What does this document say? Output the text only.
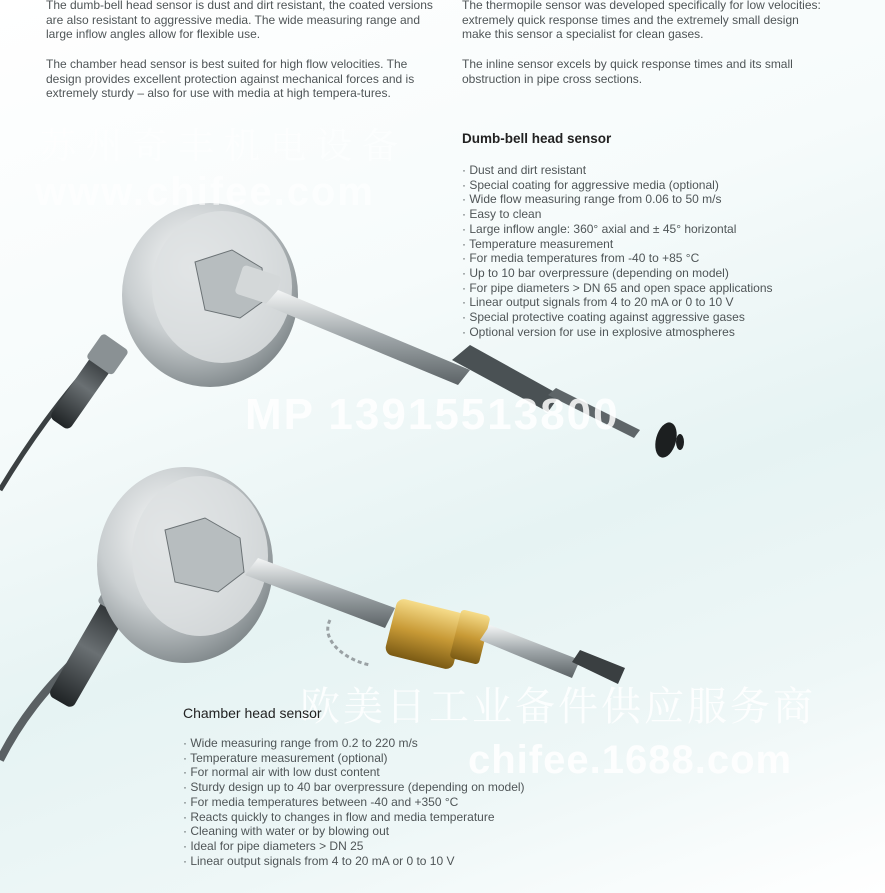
苏州奇丰机电设备
www.chifee.com
MP 13915513800
欧美日工业备件供应服务商
chifee.1688.com

The dumb-bell head sensor is dust and dirt resistant, the coated versions are also resistant to aggressive media. The wide measuring range and large inflow angles allow for flexible use.

The chamber head sensor is best suited for high flow velocities. The design provides excellent protection against mechanical forces and is extremely sturdy – also for use with media at high tempera-tures.

The thermopile sensor was developed specifically for low velocities: extremely quick response times and the extremely small design make this sensor a specialist for clean gases.

The inline sensor excels by quick response times and its small obstruction in pipe cross sections.

Dumb-bell head sensor
· Dust and dirt resistant
· Special coating for aggressive media (optional)
· Wide flow measuring range from 0.06 to 50 m/s
· Easy to clean
· Large inflow angle: 360° axial and ± 45° horizontal
· Temperature measurement
· For media temperatures from -40 to +85 °C
· Up to 10 bar overpressure (depending on model)
· For pipe diameters > DN 65 and open space applications
· Linear output signals from 4 to 20 mA or 0 to 10 V
· Special protective coating against aggressive gases
· Optional version for use in explosive atmospheres
Chamber head sensor
· Wide measuring range from 0.2 to 220 m/s
· Temperature measurement (optional)
· For normal air with low dust content
· Sturdy design up to 40 bar overpressure (depending on model)
· For media temperatures between -40 and +350 °C
· Reacts quickly to changes in flow and media temperature
· Cleaning with water or by blowing out
· Ideal for pipe diameters > DN 25
· Linear output signals from 4 to 20 mA or 0 to 10 V
